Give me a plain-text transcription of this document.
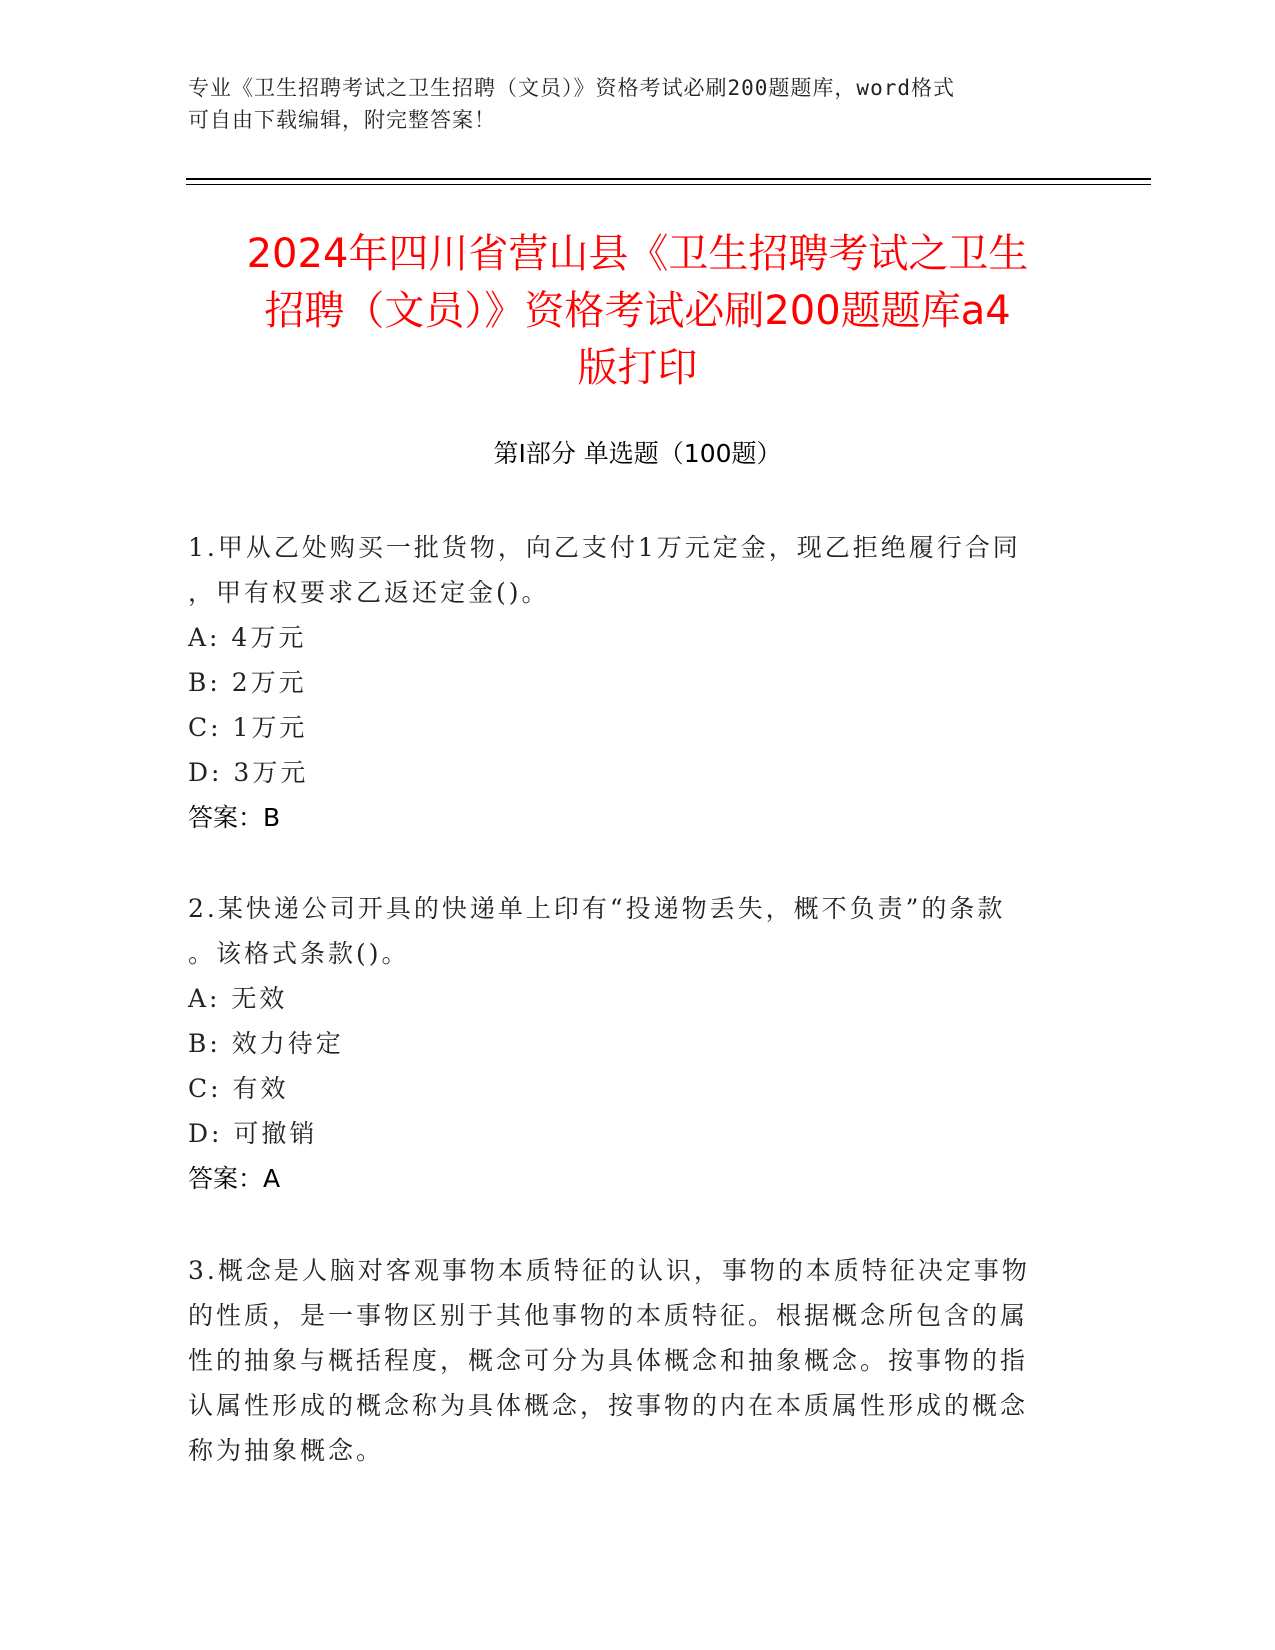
专业《卫生招聘考试之卫生招聘（文员）》资格考试必刷200题题库，word格式
可自由下载编辑，附完整答案！
2024年四川省营山县《卫生招聘考试之卫生
招聘（文员）》资格考试必刷200题题库a4
版打印
第Ⅰ部分 单选题（100题）
1.甲从乙处购买一批货物，向乙支付1万元定金，现乙拒绝履行合同
，甲有权要求乙返还定金()。
A: 4万元
B: 2万元
C: 1万元
D: 3万元
答案：B
2.某快递公司开具的快递单上印有“投递物丢失，概不负责”的条款
。该格式条款()。
A: 无效
B: 效力待定
C: 有效
D: 可撤销
答案：A
3.概念是人脑对客观事物本质特征的认识，事物的本质特征决定事物
的性质，是一事物区别于其他事物的本质特征。根据概念所包含的属
性的抽象与概括程度，概念可分为具体概念和抽象概念。按事物的指
认属性形成的概念称为具体概念，按事物的内在本质属性形成的概念
称为抽象概念。
